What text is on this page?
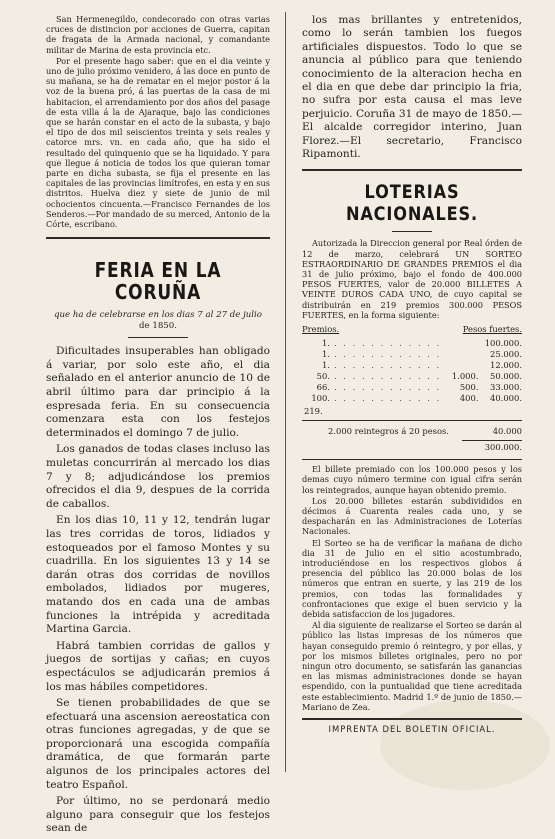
San Hermenegildo, condecorado con otras varias cruces de distincion por acciones de Guerra, capitan de fragata de la Armada nacional, y comandante militar de Marina de esta provincia etc.

Por el presente hago saber: que en el dia veinte y uno de julio próximo venidero, á las doce en punto de su mañana, se ha de rematar en el mejor postor á la voz de la buena pró, á las puertas de la casa de mi habitacion, el arrendamiento por dos años del pasage de esta villa á la de Ajaraque, bajo las condiciones que se harán constar en el acto de la subasta, y bajo el tipo de dos mil seiscientos treinta y seis reales y catorce mrs. vn. en cada año, que ha sido el resultado del quinquenio que se ha liquidado. Y para que llegue á noticia de todos los que quieran tomar parte en dicha subasta, se fija el presente en las capitales de las provincias limítrofes, en esta y en sus distritos. Huelva diez y siete de junio de mil ochocientos cincuenta.—Francisco Fernandes de los Senderos.—Por mandado de su merced, Antonio de la Córte, escribano.

FERIA EN LA CORUÑA
que ha de celebrarse en los dias 7 al 27 de julio
de 1850.

Dificultades insuperables han obligado á variar, por solo este año, el dia señalado en el anterior anuncio de 10 de abril último para dar principio á la espresada feria. En su consecuencia comenzara esta con los festejos determinados el domingo 7 de julio.

Los ganados de todas clases incluso las muletas concurrirán al mercado los dias 7 y 8; adjudicándose los premios ofrecidos el dia 9, despues de la corrida de caballos.

En los dias 10, 11 y 12, tendrán lugar las tres corridas de toros, lidiados y estoqueados por el famoso Montes y su cuadrilla. En los siguientes 13 y 14 se darán otras dos corridas de novillos embolados, lidiados por mugeres, matando dos en cada una de ambas funciones la intrépida y acreditada Martina Garcia.

Habrá tambien corridas de gallos y juegos de sortijas y cañas; en cuyos espectáculos se adjudicarán premios á los mas hábiles competidores.

Se tienen probabilidades de que se efectuará una ascension aereostatica con otras funciones agregadas, y de que se proporcionará una escogida compañía dramática, de que formarán parte algunos de los principales actores del teatro Español.

Por último, no se perdonará medio alguno para conseguir que los festejos sean de

los mas brillantes y entretenidos, como lo serán tambien los fuegos artificiales dispuestos. Todo lo que se anuncia al público para que teniendo conocimiento de la alteracion hecha en el dia en que debe dar principio la fria, no sufra por esta causa el mas leve perjuicio. Coruña 31 de mayo de 1850.—El alcalde corregidor interino, Juan Florez.—El secretario, Francisco Ripamonti.

LOTERIAS NACIONALES.

Autorizada la Direccion general por Real órden de 12 de marzo, celebrará UN SORTEO ESTRAORDINARIO DE GRANDES PREMIOS el dia 31 de julio próximo, bajo el fondo de 400.000 PESOS FUERTES, valor de 20.000 BILLETES A VEINTE DUROS CADA UNO, de cuyo capital se distribuirán en 219 premios 300.000 PESOS FUERTES, en la forma siguiente:

Premios.	Pesos fuertes.
1. . . . . . . . . . . . .	100.000.
1. . . . . . . . . . . . .	25.000.
1. . . . . . . . . . . . .	12.000.
50. . . . . . . . . . . . .	1.000.	50.000.
66. . . . . . . . . . . . .	500.	33.000.
100. . . . . . . . . . . . .	400.	40.000.
219.
2.000 reintegros á 20 pesos.	40.000
300.000.

El billete premiado con los 100.000 pesos y los demas cuyo número termine con igual cifra serán los reintegrados, aunque hayan obtenido premio.

Los 20.000 billetes estarán subdivididos en décimos á Cuarenta reales cada uno, y se despacharán en las Administraciones de Loterías Nacionales.

El Sorteo se ha de verificar la mañana de dicho dia 31 de Julio en el sitio acostumbrado, introduciéndose en los respectivos globos á presencia del público las 20.000 bolas de los números que entran en suerte, y las 219 de los premios, con todas las formalidades y confrontaciones que exige el buen servicio y la debida satisfaccion de los jugadores.

Al dia siguiente de realizarse el Sorteo se darán al público las listas impresas de los números que hayan conseguido premio ó reintegro, y por ellas, y por los mismos billetes originales, pero no por ningun otro documento, se satisfarán las ganancias en las mismas administraciones donde se hayan espendido, con la puntualidad que tiene acreditada este establecimiento. Madrid 1.º de junio de 1850.—Mariano de Zea.

IMPRENTA DEL BOLETIN OFICIAL.
